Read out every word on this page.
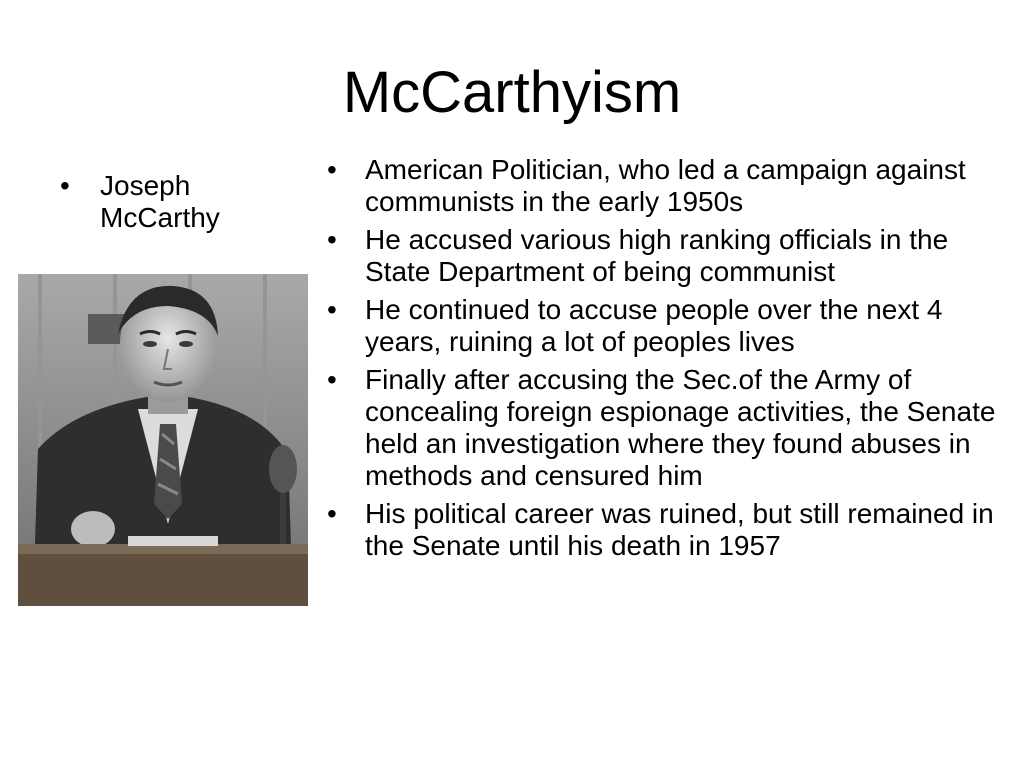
McCarthyism
•	Joseph McCarthy
•	American Politician, who led a campaign against communists in the early 1950s
•	He accused various high ranking officials in the State Department of being communist
•	He continued to accuse people over the next 4 years, ruining a lot of peoples lives
•	Finally after accusing the Sec.of the Army of concealing foreign espionage activities, the Senate held an investigation where they found abuses in methods and censured him
•	His political career was ruined, but still remained in the Senate until his death in 1957
